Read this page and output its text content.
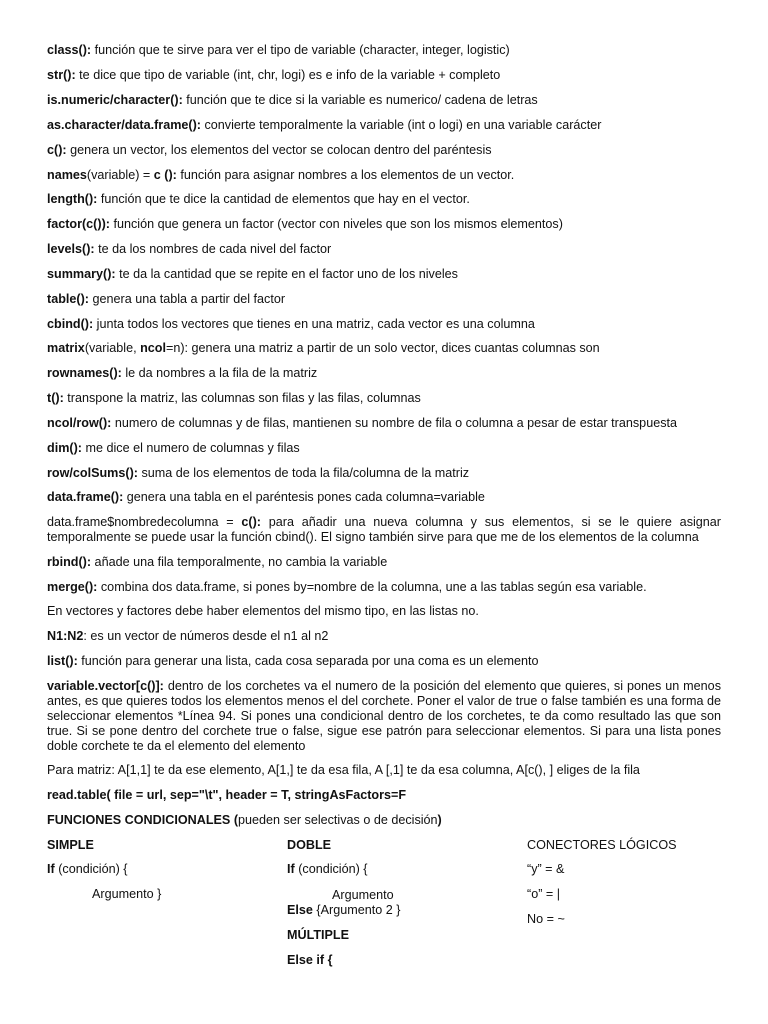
class(): función que te sirve para ver el tipo de variable (character, integer, logistic)
str(): te dice que tipo de variable (int, chr, logi) es e info de la variable + completo
is.numeric/character(): función que te dice si la variable es numerico/ cadena de letras
as.character/data.frame(): convierte temporalmente la variable (int o logi) en una variable carácter
c(): genera un vector, los elementos del vector se colocan dentro del paréntesis
names(variable) = c (): función para asignar nombres a los elementos de un vector.
length(): función que te dice la cantidad de elementos que hay en el vector.
factor(c()): función que genera un factor (vector con niveles que son los mismos elementos)
levels(): te da los nombres de cada nivel del factor
summary(): te da la cantidad que se repite en el factor uno de los niveles
table(): genera una tabla a partir del factor
cbind(): junta todos los vectores que tienes en una matriz, cada vector es una columna
matrix(variable, ncol=n): genera una matriz a partir de un solo vector, dices cuantas columnas son
rownames(): le da nombres a la fila de la matriz
t(): transpone la matriz, las columnas son filas y las filas, columnas
ncol/row(): numero de columnas y de filas, mantienen su nombre de fila o columna a pesar de estar transpuesta
dim(): me dice el numero de columnas y filas
row/colSums(): suma de los elementos de toda la fila/columna de la matriz
data.frame(): genera una tabla en el paréntesis pones cada columna=variable
data.frame$nombredecolumna = c(): para añadir una nueva columna y sus elementos, si se le quiere asignar temporalmente se puede usar la función cbind(). El signo también sirve para que me de los elementos de la columna
rbind(): añade una fila temporalmente, no cambia la variable
merge(): combina dos data.frame, si pones by=nombre de la columna, une a las tablas según esa variable.
En vectores y factores debe haber elementos del mismo tipo, en las listas no.
N1:N2: es un vector de números desde el n1 al n2
list(): función para generar una lista, cada cosa separada por una coma es un elemento
variable.vector[c()]: dentro de los corchetes va el numero de la posición del elemento que quieres, si pones un menos antes, es que quieres todos los elementos menos el del corchete. Poner el valor de true o false también es una forma de seleccionar elementos *Línea 94. Si pones una condicional dentro de los corchetes, te da como resultado las que son true. Si se pone dentro del corchete true o false, sigue ese patrón para seleccionar elementos. Si para una lista pones doble corchete te da el elemento del elemento
Para matriz: A[1,1] te da ese elemento, A[1,] te da esa fila, A [,1] te da esa columna, A[c(), ] eliges de la fila
read.table( file = url, sep="\t", header = T, stringAsFactors=F
FUNCIONES CONDICIONALES (pueden ser selectivas o de decisión)
SIMPLE
If (condición) {
Argumento }
DOBLE
If (condición) {
Argumento
Else {Argumento 2 }
MÚLTIPLE
Else if {
CONECTORES LÓGICOS
“y” = &
“o” = |
No = ~
